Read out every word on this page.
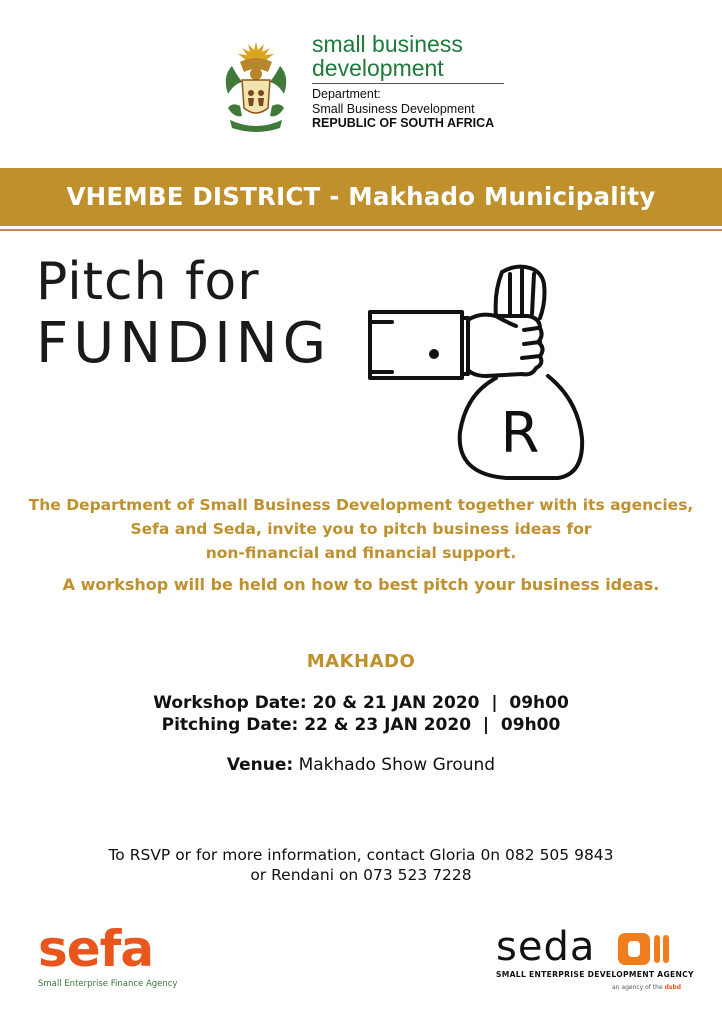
small business
development
Department:
Small Business Development
REPUBLIC OF SOUTH AFRICA
VHEMBE DISTRICT - Makhado Municipality
Pitch for
FUNDING
R
The Department of Small Business Development together with its agencies,
Sefa and Seda, invite you to pitch business ideas for
non-financial and financial support.
A workshop will be held on how to best pitch your business ideas.
MAKHADO
Workshop Date: 20 & 21 JAN 2020  |  09h00
Pitching Date: 22 & 23 JAN 2020  |  09h00
Venue: Makhado Show Ground
To RSVP or for more information, contact Gloria 0n 082 505 9843
or Rendani on 073 523 7228
sefa
Small Enterprise Finance Agency
seda
SMALL ENTERPRISE DEVELOPMENT AGENCY
an agency of the dsbd
